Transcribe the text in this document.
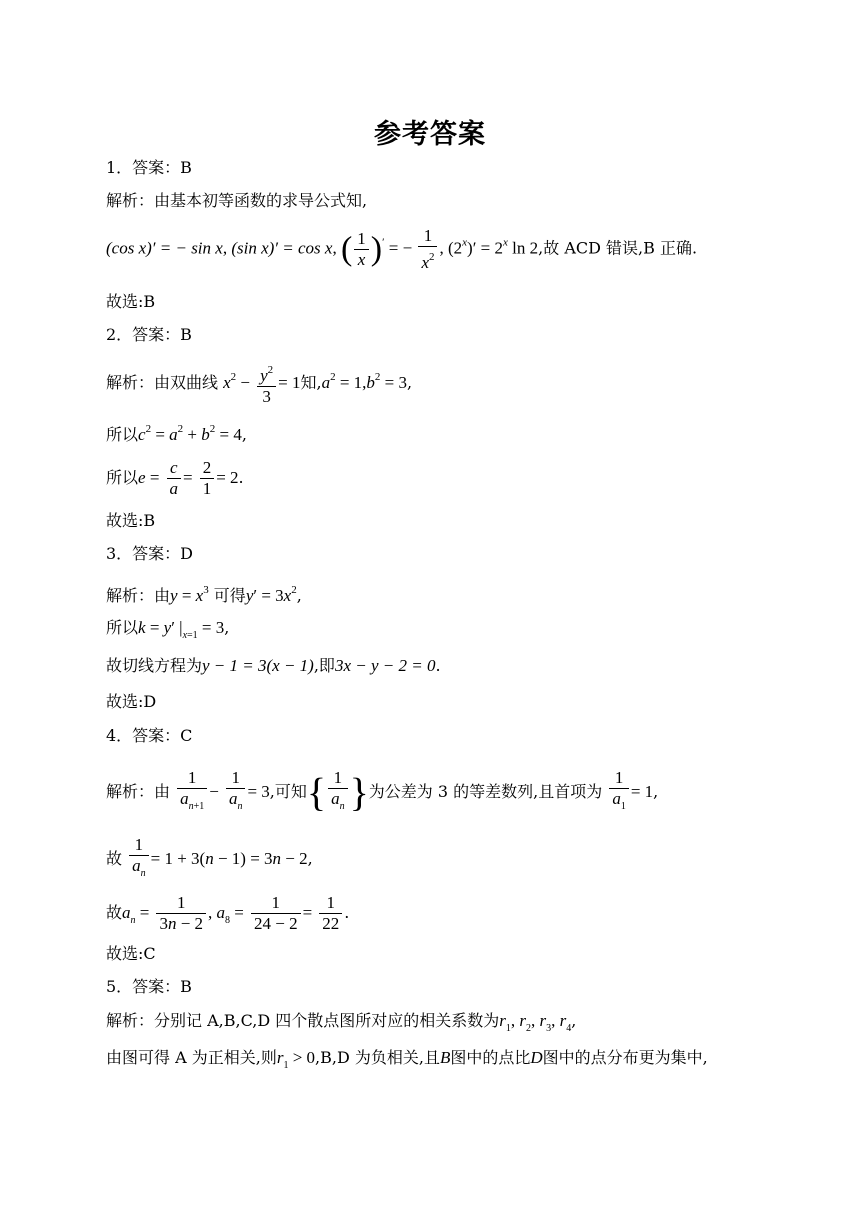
参考答案
1．答案：B
解析：由基本初等函数的求导公式知,
(cos x)′ = − sin x, (sin x)′ = cos x, ( $\frac{1}{x} )'$ = − $\frac{1}{x^2}$ , $(2^x)' = 2^x$ ln 2,故 ACD 错误,B 正确.
故选:B
2．答案：B
解析：由双曲线 $x^2 - \frac{y^2}{3} = 1$知$,a^2 = 1,b^2 = 3$,
所以$c^2 = a^2 + b^2 = 4$,
所以$e = \frac{c}{a} = \frac{2}{1} = 2$.
故选:B
3．答案：D
解析：由$y = x^3$ 可得$y' = 3x^2$,
所以k = y′ $|_{x=1} = 3$,
故切线方程为y − 1 = 3(x − 1),即3x − y − 2 = 0.
故选:D
4．答案：C
解析：由 $\frac{1}{a_{n+1}} - \frac{1}{a_n} = 3$,可知{ $\frac{1}{a_n}$ }为公差为 3 的等差数列,且首项为 $\frac{1}{a_1} = 1$,
故 $\frac{1}{a_n} = 1 + 3(n - 1) = 3n - 2$,
故$a_n = \frac{1}{3n - 2}$ , $a_8 = \frac{1}{24 - 2} = \frac{1}{22}$ .
故选:C
5．答案：B
解析：分别记 A,B,C,D 四个散点图所对应的相关系数为$r_1$, $r_2$, $r_3$, $r_4$,
由图可得 A 为正相关,则$r_1 > 0,B,D$ 为负相关,且B图中的点比D图中的点分布更为集中,
